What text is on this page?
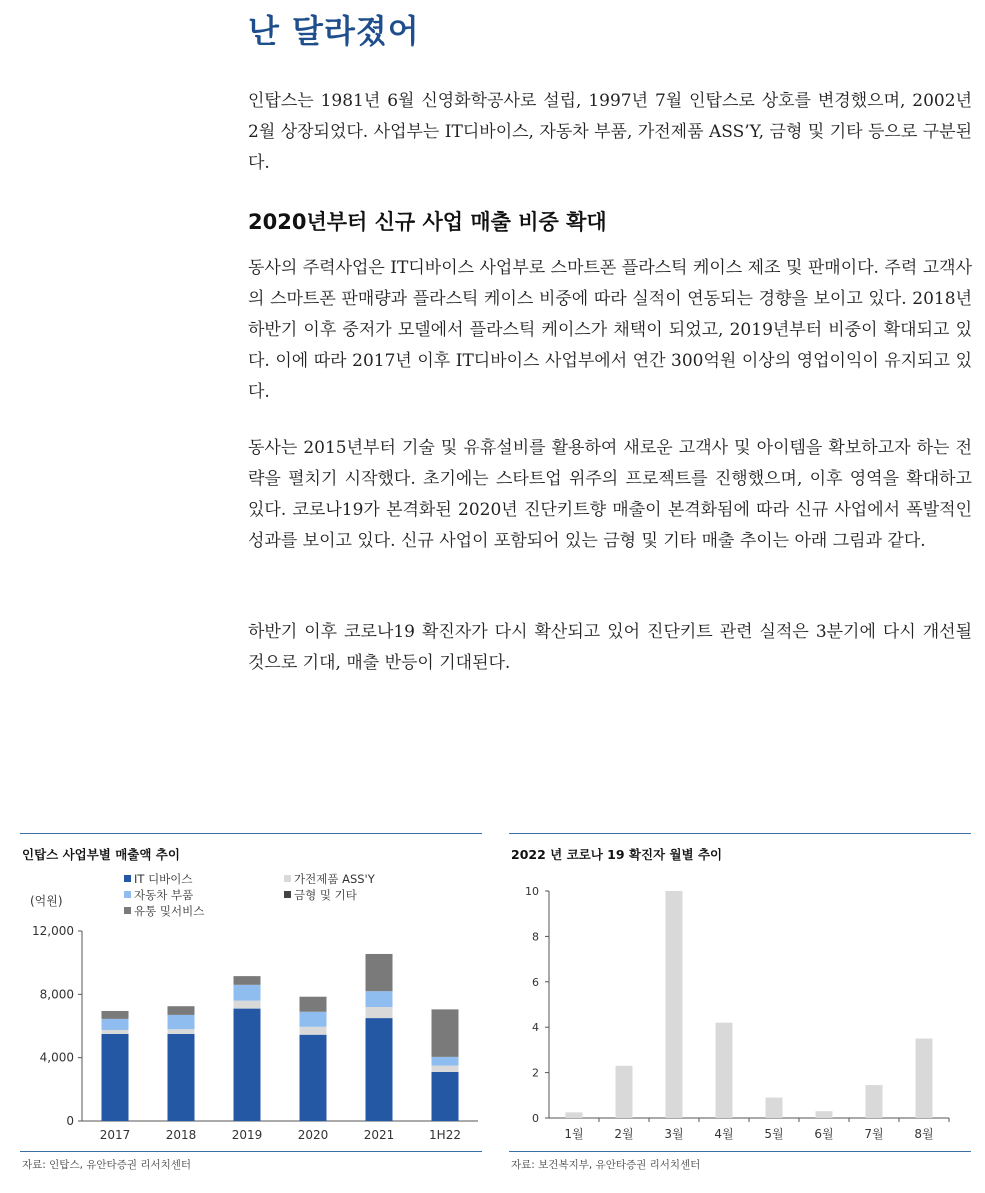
난 달라졌어
인탑스는 1981년 6월 신영화학공사로 설립, 1997년 7월 인탑스로 상호를 변경했으며, 2002년 2월 상장되었다. 사업부는 IT디바이스, 자동차 부품, 가전제품 ASS’Y, 금형 및 기타 등으로 구분된다.
2020년부터 신규 사업 매출 비중 확대
동사의 주력사업은 IT디바이스 사업부로 스마트폰 플라스틱 케이스 제조 및 판매이다. 주력 고객사의 스마트폰 판매량과 플라스틱 케이스 비중에 따라 실적이 연동되는 경향을 보이고 있다. 2018년 하반기 이후 중저가 모델에서 플라스틱 케이스가 채택이 되었고, 2019년부터 비중이 확대되고 있다. 이에 따라 2017년 이후 IT디바이스 사업부에서 연간 300억원 이상의 영업이익이 유지되고 있다.
동사는 2015년부터 기술 및 유휴설비를 활용하여 새로운 고객사 및 아이템을 확보하고자 하는 전략을 펼치기 시작했다. 초기에는 스타트업 위주의 프로젝트를 진행했으며, 이후 영역을 확대하고 있다. 코로나19가 본격화된 2020년 진단키트향 매출이 본격화됨에 따라 신규 사업에서 폭발적인 성과를 보이고 있다. 신규 사업이 포함되어 있는 금형 및 기타 매출 추이는 아래 그림과 같다.
하반기 이후 코로나19 확진자가 다시 확산되고 있어 진단키트 관련 실적은 3분기에 다시 개선될 것으로 기대, 매출 반등이 기대된다.
인탑스 사업부별 매출액 추이
(억원)
IT 디바이스	가전제품 ASS'Y
자동차 부품	금형 및 기타
유통 및서비스
0
4,000
8,000
12,000
2017	2018	2019	2020	2021	1H22
자료: 인탑스, 유안타증권 리서치센터
2022 년 코로나 19 확진자 월별 추이
0
2
4
6
8
10
1월	2월	3월	4월	5월	6월	7월	8월
자료: 보건복지부, 유안타증권 리서치센터
